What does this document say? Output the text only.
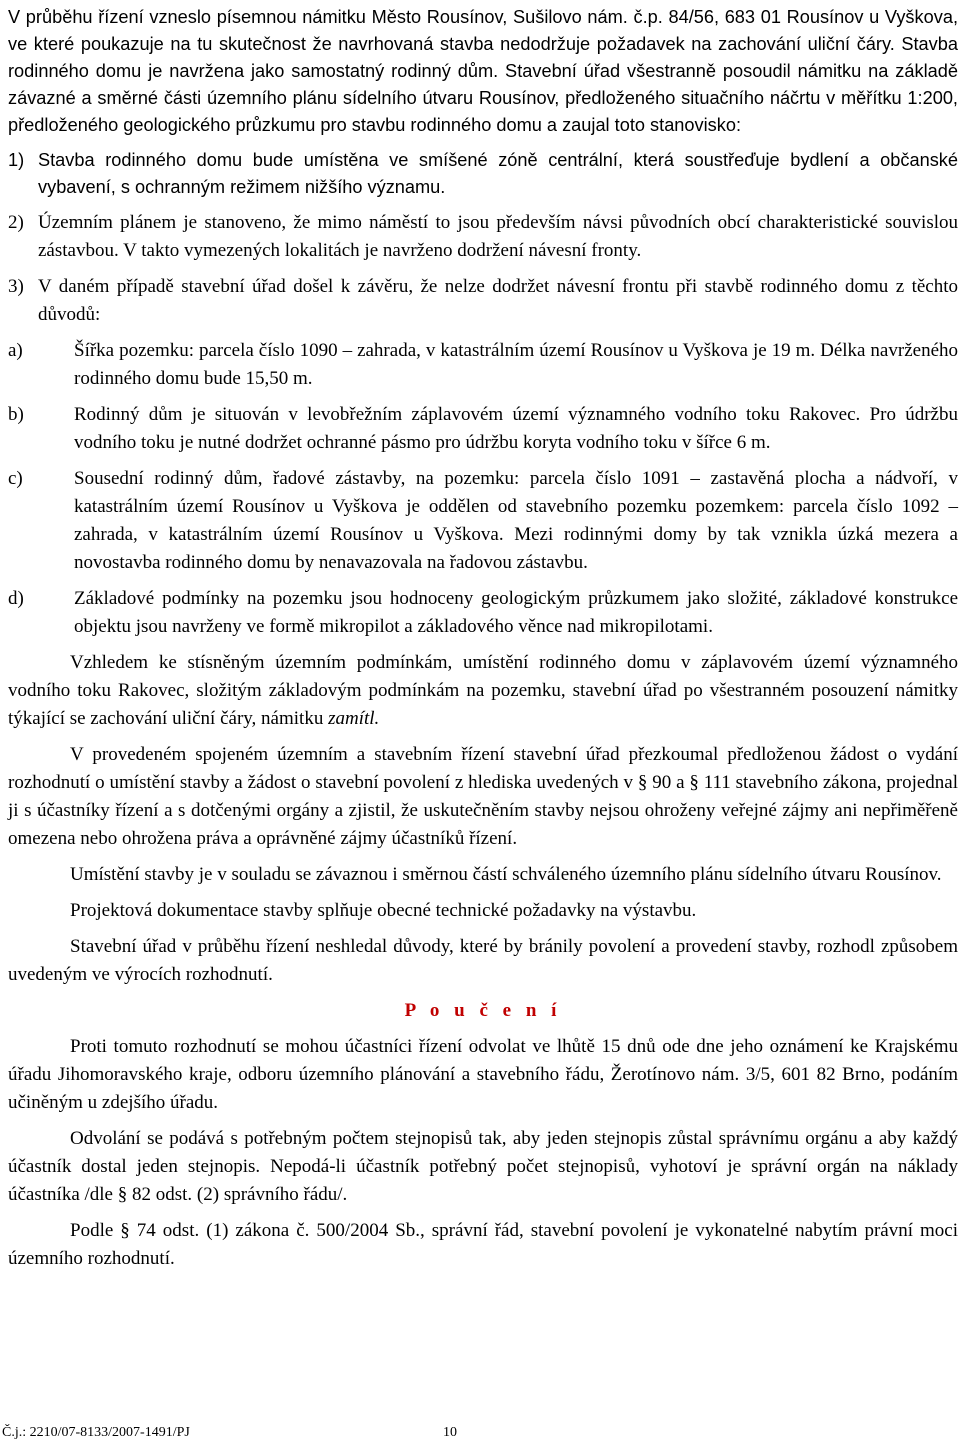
V průběhu řízení vzneslo písemnou námitku Město Rousínov, Sušilovo nám. č.p. 84/56, 683 01 Rousínov u Vyškova, ve které poukazuje na tu skutečnost že navrhovaná stavba nedodržuje požadavek na zachování uliční čáry. Stavba rodinného domu je navržena jako samostatný rodinný dům. Stavební úřad všestranně posoudil námitku na základě závazné a směrné části územního plánu sídelního útvaru Rousínov, předloženého situačního náčrtu v měřítku 1:200, předloženého geologického průzkumu pro stavbu rodinného domu a zaujal toto stanovisko:

1) Stavba rodinného domu bude umístěna ve smíšené zóně centrální, která soustřeďuje bydlení a občanské vybavení, s ochranným režimem nižšího významu.
2) Územním plánem je stanoveno, že mimo náměstí to jsou především návsi původních obcí charakteristické souvislou zástavbou. V takto vymezených lokalitách je navrženo dodržení návesní fronty.
3) V daném případě stavební úřad došel k závěru, že nelze dodržet návesní frontu při stavbě rodinného domu z těchto důvodů:
a)	Šířka pozemku: parcela číslo 1090 – zahrada, v katastrálním území Rousínov u Vyškova je 19 m. Délka navrženého rodinného domu bude 15,50 m.
b)	Rodinný dům je situován v levobřežním záplavovém území významného vodního toku Rakovec. Pro údržbu vodního toku je nutné dodržet ochranné pásmo pro údržbu koryta vodního toku v šířce 6 m.
c)	Sousední rodinný dům, řadové zástavby, na pozemku: parcela číslo 1091 – zastavěná plocha a nádvoří, v katastrálním území Rousínov u Vyškova je oddělen od stavebního pozemku pozemkem: parcela číslo 1092 – zahrada, v katastrálním území Rousínov u Vyškova. Mezi rodinnými domy by tak vznikla úzká mezera a novostavba rodinného domu by nenavazovala na řadovou zástavbu.
d)	Základové podmínky na pozemku jsou hodnoceny geologickým průzkumem jako složité, základové konstrukce objektu jsou navrženy ve formě mikropilot a základového věnce nad mikropilotami.

Vzhledem ke stísněným územním podmínkám, umístění rodinného domu v záplavovém území významného vodního toku Rakovec, složitým základovým podmínkám na pozemku, stavební úřad po všestranném posouzení námitky týkající se zachování uliční čáry, námitku zamítl.

V provedeném spojeném územním a stavebním řízení stavební úřad přezkoumal předloženou žádost o vydání rozhodnutí o umístění stavby a žádost o stavební povolení z hlediska uvedených v § 90 a § 111 stavebního zákona, projednal ji s účastníky řízení a s dotčenými orgány a zjistil, že uskutečněním stavby nejsou ohroženy veřejné zájmy ani nepřiměřeně omezena nebo ohrožena práva a oprávněné zájmy účastníků řízení.

Umístění stavby je v souladu se závaznou i směrnou částí schváleného územního plánu sídelního útvaru Rousínov.

Projektová dokumentace stavby splňuje obecné technické požadavky na výstavbu.

Stavební úřad v průběhu řízení neshledal důvody, které by bránily povolení a provedení stavby, rozhodl způsobem uvedeným ve výrocích rozhodnutí.

P o u č e n í

Proti tomuto rozhodnutí se mohou účastníci řízení odvolat ve lhůtě 15 dnů ode dne jeho oznámení ke Krajskému úřadu Jihomoravského kraje, odboru územního plánování a stavebního řádu, Žerotínovo nám. 3/5, 601 82 Brno, podáním učiněným u zdejšího úřadu.

Odvolání se podává s potřebným počtem stejnopisů tak, aby jeden stejnopis zůstal správnímu orgánu a aby každý účastník dostal jeden stejnopis. Nepodá-li účastník potřebný počet stejnopisů, vyhotoví je správní orgán na náklady účastníka /dle § 82 odst. (2) správního řádu/.

Podle § 74 odst. (1) zákona č. 500/2004 Sb., správní řád, stavební povolení je vykonatelné nabytím právní moci územního rozhodnutí.

Č.j.: 2210/07-8133/2007-1491/PJ	10
